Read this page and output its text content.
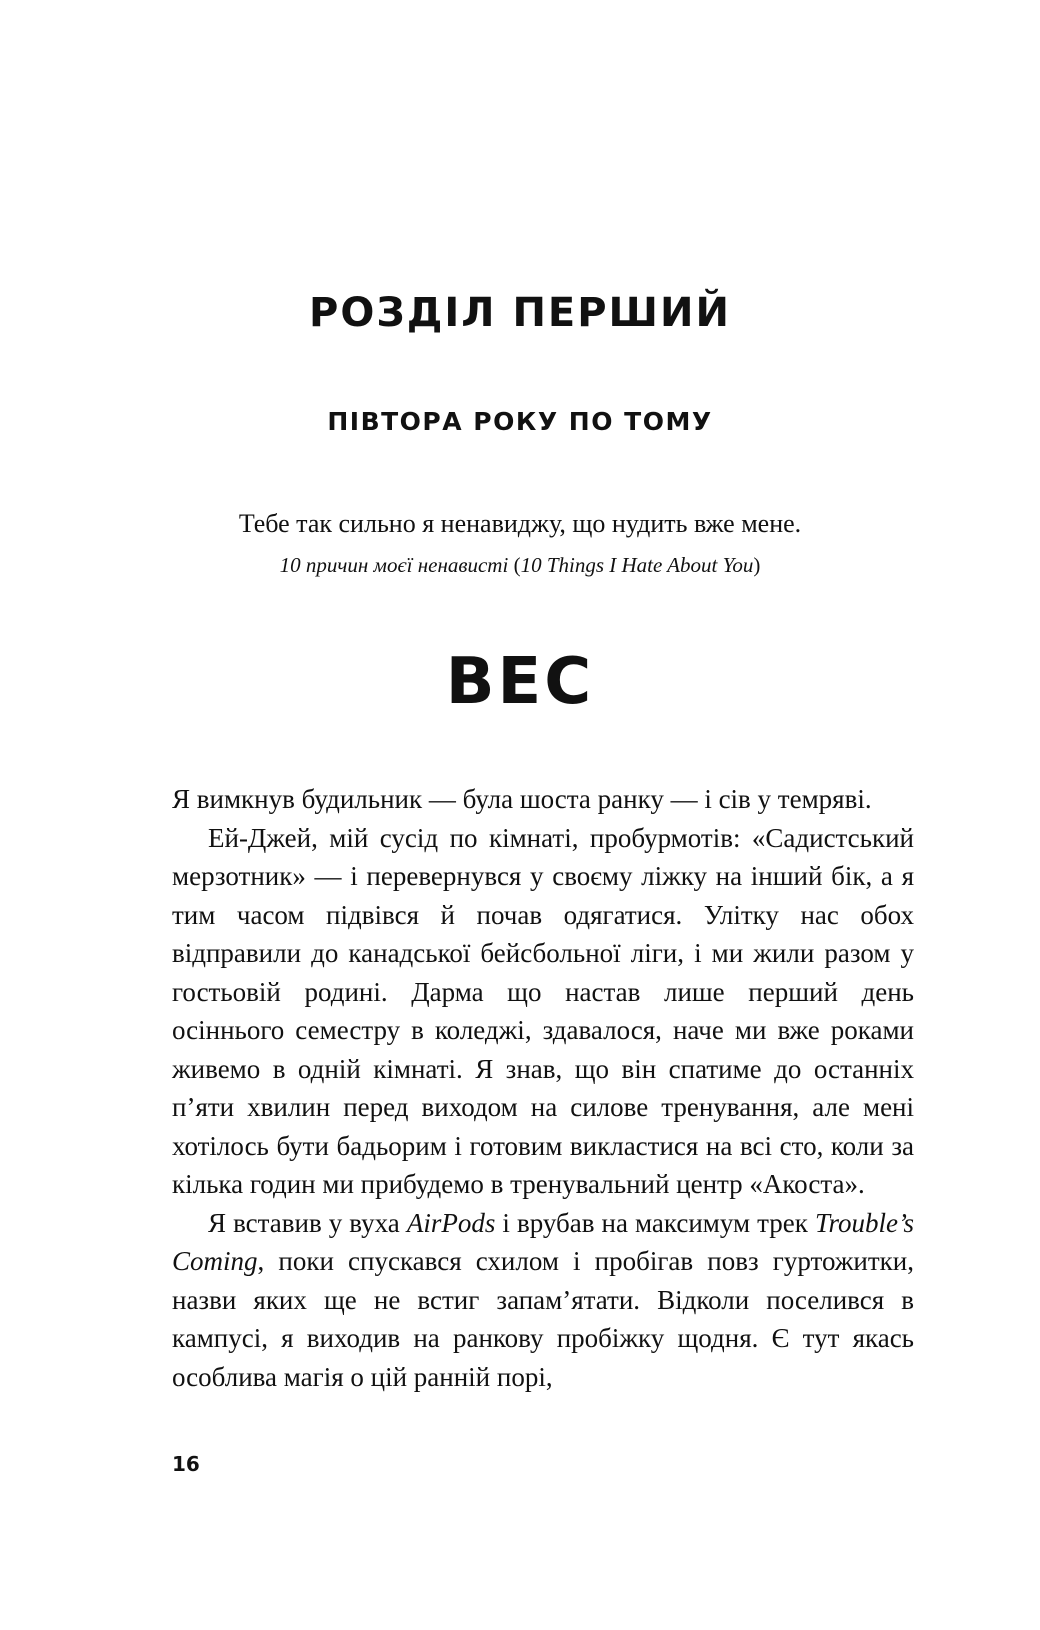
РОЗДІЛ ПЕРШИЙ
ПІВТОРА РОКУ ПО ТОМУ
Тебе так сильно я ненавиджу, що нудить вже мене.
10 причин моєї ненависті (10 Things I Hate About You)
ВЕС

Я вимкнув будильник — була шоста ранку — і сів у темряві.

Ей-Джей, мій сусід по кімнаті, пробурмотів: «Садистський мерзотник» — і перевернувся у своєму ліжку на інший бік, а я тим часом підвівся й почав одягатися. Улітку нас обох відправили до канадської бейсбольної ліги, і ми жили разом у гостьовій родині. Дарма що настав лише перший день осіннього семестру в коледжі, здавалося, наче ми вже роками живемо в одній кімнаті. Я знав, що він спатиме до останніх п’яти хвилин перед виходом на силове тренування, але мені хотілось бути бадьорим і готовим викластися на всі сто, коли за кілька годин ми прибудемо в тренувальний центр «Акоста».

Я вставив у вуха AirPods і врубав на максимум трек Trouble’s Coming, поки спускався схилом і пробігав повз гуртожитки, назви яких ще не встиг запам’ятати. Відколи поселився в кампусі, я виходив на ранкову пробіжку щодня. Є тут якась особлива магія о цій ранній порі,

16
